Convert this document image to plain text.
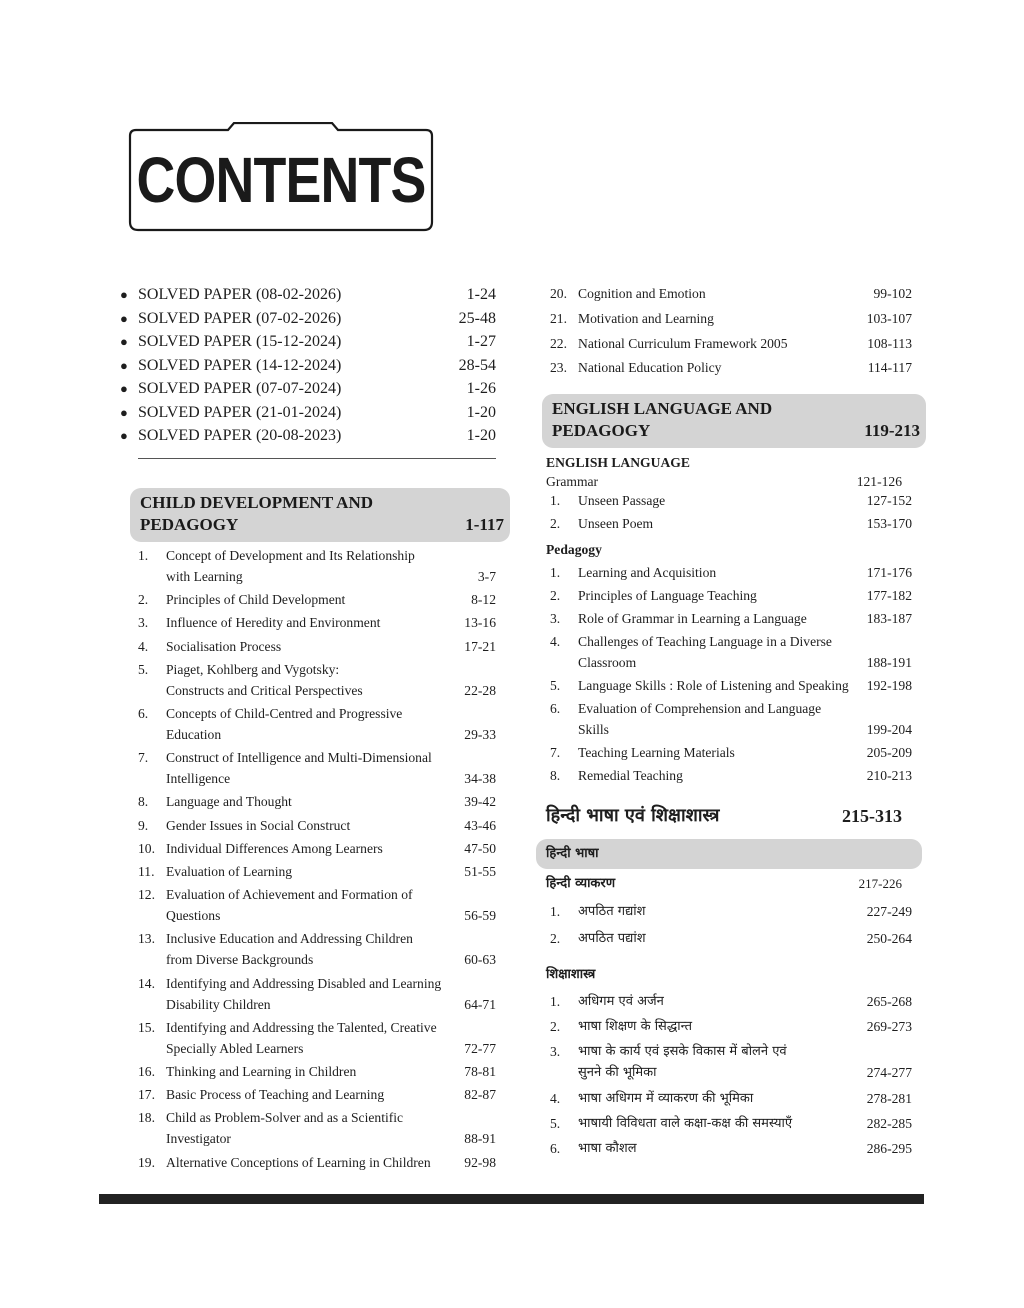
CONTENTS
● SOLVED PAPER (08-02-2026)	1-24
● SOLVED PAPER (07-02-2026)	25-48
● SOLVED PAPER (15-12-2024)	1-27
● SOLVED PAPER (14-12-2024)	28-54
● SOLVED PAPER (07-07-2024)	1-26
● SOLVED PAPER (21-01-2024)	1-20
● SOLVED PAPER (20-08-2023)	1-20
CHILD DEVELOPMENT AND
PEDAGOGY	1-117
1. Concept of Development and Its Relationship
with Learning	3-7
2. Principles of Child Development	8-12
3. Influence of Heredity and Environment	13-16
4. Socialisation Process	17-21
5. Piaget, Kohlberg and Vygotsky:
Constructs and Critical Perspectives	22-28
6. Concepts of Child-Centred and Progressive
Education	29-33
7. Construct of Intelligence and Multi-Dimensional
Intelligence	34-38
8. Language and Thought	39-42
9. Gender Issues in Social Construct	43-46
10. Individual Differences Among Learners	47-50
11. Evaluation of Learning	51-55
12. Evaluation of Achievement and Formation of
Questions	56-59
13. Inclusive Education and Addressing Children
from Diverse Backgrounds	60-63
14. Identifying and Addressing Disabled and Learning
Disability Children	64-71
15. Identifying and Addressing the Talented, Creative
Specially Abled Learners	72-77
16. Thinking and Learning in Children	78-81
17. Basic Process of Teaching and Learning	82-87
18. Child as Problem-Solver and as a Scientific
Investigator	88-91
19. Alternative Conceptions of Learning in Children 92-98
20. Cognition and Emotion	99-102
21. Motivation and Learning	103-107
22. National Curriculum Framework 2005	108-113
23. National Education Policy	114-117
ENGLISH LANGUAGE AND
PEDAGOGY	119-213
ENGLISH LANGUAGE
Grammar	121-126
1. Unseen Passage	127-152
2. Unseen Poem	153-170
Pedagogy
1. Learning and Acquisition	171-176
2. Principles of Language Teaching	177-182
3. Role of Grammar in Learning a Language	183-187
4. Challenges of Teaching Language in a Diverse
Classroom	188-191
5. Language Skills : Role of Listening and Speaking 192-198
6. Evaluation of Comprehension and Language
Skills	199-204
7. Teaching Learning Materials	205-209
8. Remedial Teaching	210-213
हिन्दी भाषा एवं शिक्षाशास्त्र	215-313
हिन्दी भाषा
हिन्दी व्याकरण	217-226
1. अपठित गद्यांश	227-249
2. अपठित पद्यांश	250-264
शिक्षाशास्त्र
1. अधिगम एवं अर्जन	265-268
2. भाषा शिक्षण के सिद्धान्त	269-273
3. भाषा के कार्य एवं इसके विकास में बोलने एवं
सुनने की भूमिका	274-277
4. भाषा अधिगम में व्याकरण की भूमिका	278-281
5. भाषायी विविधता वाले कक्षा-कक्ष की समस्याएँ	282-285
6. भाषा कौशल	286-295
